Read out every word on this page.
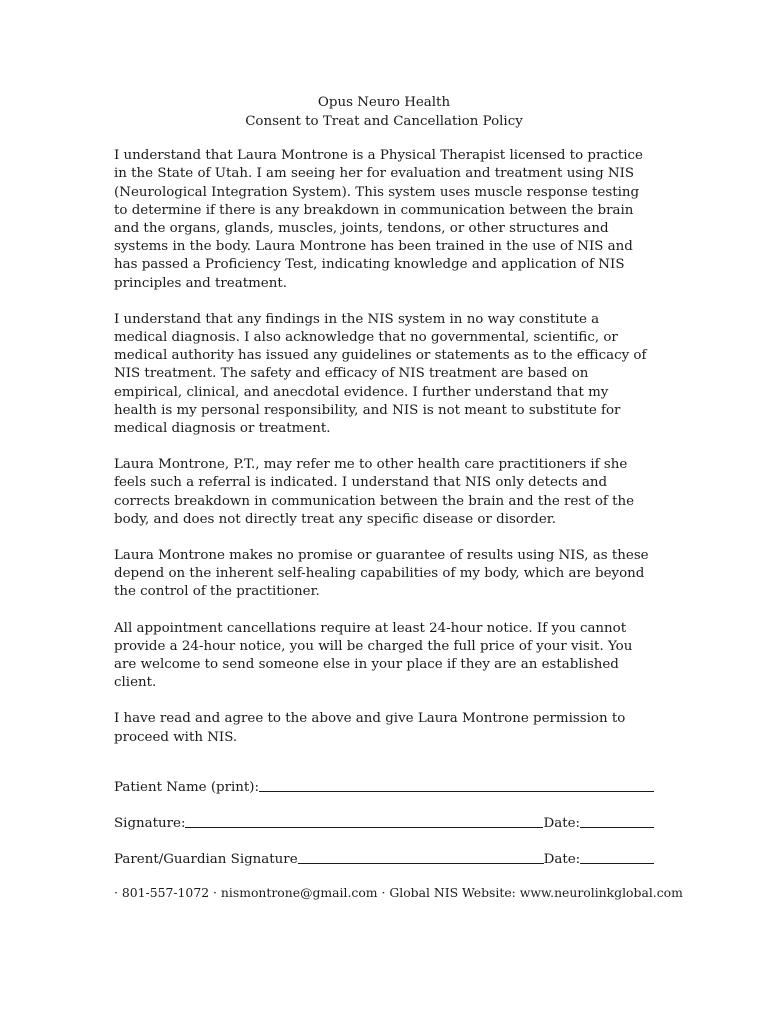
Opus Neuro Health
Consent to Treat and Cancellation Policy

I understand that Laura Montrone is a Physical Therapist licensed to practice in the State of Utah. I am seeing her for evaluation and treatment using NIS (Neurological Integration System). This system uses muscle response testing to determine if there is any breakdown in communication between the brain and the organs, glands, muscles, joints, tendons, or other structures and systems in the body. Laura Montrone has been trained in the use of NIS and has passed a Proficiency Test, indicating knowledge and application of NIS principles and treatment.

I understand that any findings in the NIS system in no way constitute a medical diagnosis. I also acknowledge that no governmental, scientific, or medical authority has issued any guidelines or statements as to the efficacy of NIS treatment. The safety and efficacy of NIS treatment are based on empirical, clinical, and anecdotal evidence. I further understand that my health is my personal responsibility, and NIS is not meant to substitute for medical diagnosis or treatment.

Laura Montrone, P.T., may refer me to other health care practitioners if she feels such a referral is indicated. I understand that NIS only detects and corrects breakdown in communication between the brain and the rest of the body, and does not directly treat any specific disease or disorder.

Laura Montrone makes no promise or guarantee of results using NIS, as these depend on the inherent self-healing capabilities of my body, which are beyond the control of the practitioner.

All appointment cancellations require at least 24-hour notice. If you cannot provide a 24-hour notice, you will be charged the full price of your visit. You are welcome to send someone else in your place if they are an established client.

I have read and agree to the above and give Laura Montrone permission to proceed with NIS.

Patient Name (print):
Signature:	Date:
Parent/Guardian Signature	Date:
· 801-557-1072 · nismontrone@gmail.com · Global NIS Website: www.neurolinkglobal.com
